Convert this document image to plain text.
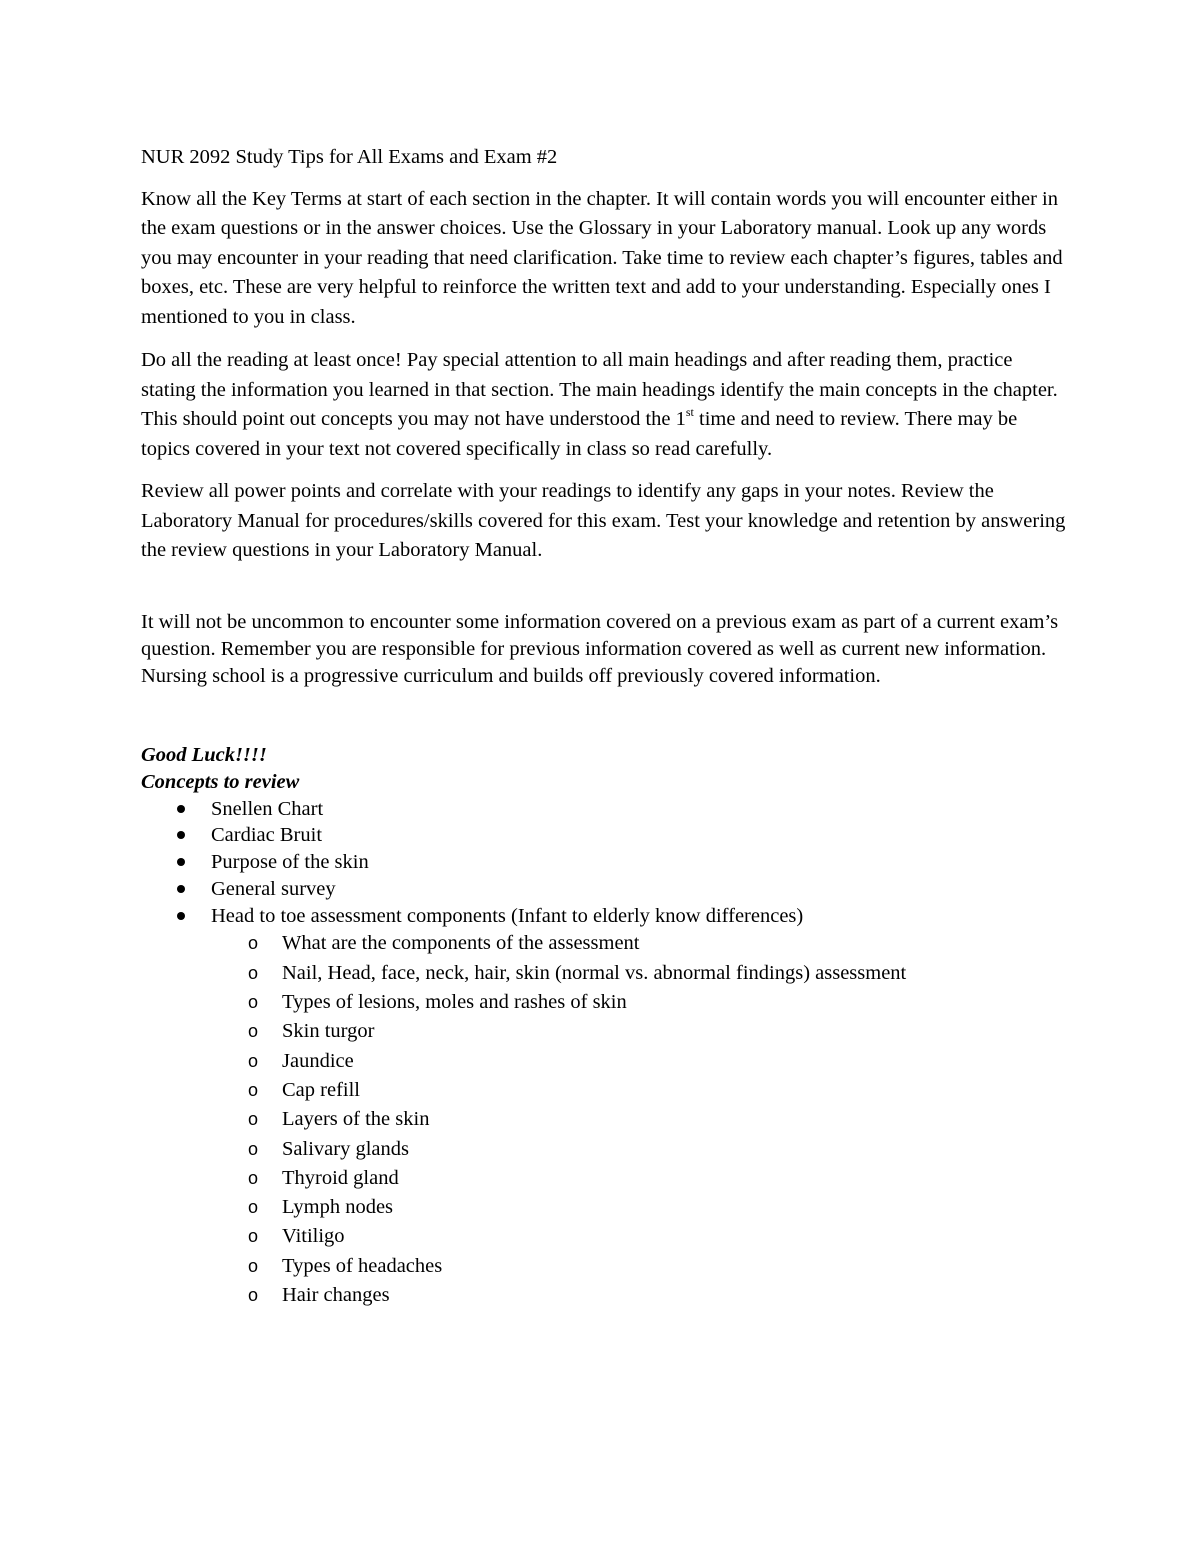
NUR 2092 Study Tips for All Exams and Exam #2

Know all the Key Terms at start of each section in the chapter. It will contain words you will encounter either in the exam questions or in the answer choices. Use the Glossary in your Laboratory manual. Look up any words you may encounter in your reading that need clarification. Take time to review each chapter’s figures, tables and boxes, etc. These are very helpful to reinforce the written text and add to your understanding. Especially ones I mentioned to you in class.

Do all the reading at least once! Pay special attention to all main headings and after reading them, practice stating the information you learned in that section. The main headings identify the main concepts in the chapter. This should point out concepts you may not have understood the 1st time and need to review. There may be topics covered in your text not covered specifically in class so read carefully.

Review all power points and correlate with your readings to identify any gaps in your notes. Review the Laboratory Manual for procedures/skills covered for this exam. Test your knowledge and retention by answering the review questions in your Laboratory Manual.

It will not be uncommon to encounter some information covered on a previous exam as part of a current exam’s question. Remember you are responsible for previous information covered as well as current new information. Nursing school is a progressive curriculum and builds off previously covered information.

Good Luck!!!!

Concepts to review

Snellen Chart
Cardiac Bruit
Purpose of the skin
General survey
Head to toe assessment components (Infant to elderly know differences)
o What are the components of the assessment
o Nail, Head, face, neck, hair, skin (normal vs. abnormal findings) assessment
o Types of lesions, moles and rashes of skin
o Skin turgor
o Jaundice
o Cap refill
o Layers of the skin
o Salivary glands
o Thyroid gland
o Lymph nodes
o Vitiligo
o Types of headaches
o Hair changes
